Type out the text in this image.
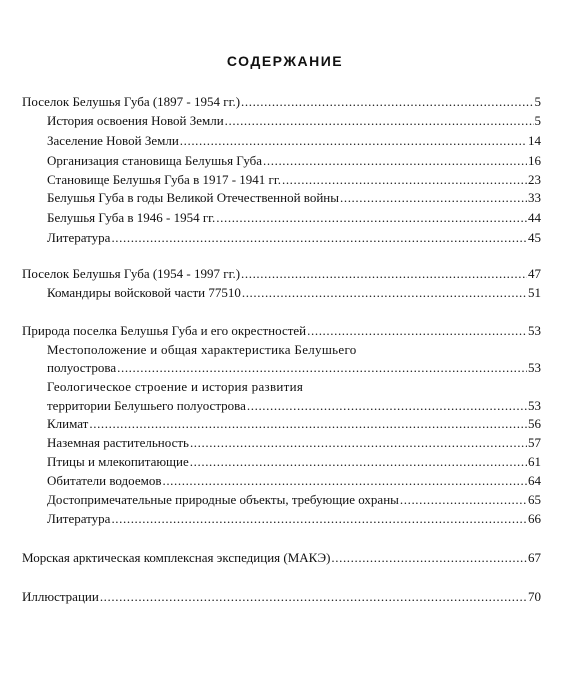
СОДЕРЖАНИЕ
Поселок Белушья Губа (1897 - 1954 гг.) .....	5
История освоения Новой Земли .....	5
Заселение Новой Земли .....	14
Организация становища Белушья Губа .....	16
Становище Белушья Губа в 1917 - 1941 гг. .....	23
Белушья Губа в годы Великой Отечественной войны .....	33
Белушья Губа в 1946 - 1954 гг. .....	44
Литература .....	45
Поселок Белушья Губа (1954 - 1997 гг.) .....	47
Командиры войсковой части 77510 .....	51
Природа поселка Белушья Губа и его окрестностей .....	53
Местоположение и общая характеристика Белушьего
полуострова .....	53
Геологическое строение и история развития
территории Белушьего полуострова .....	53
Климат .....	56
Наземная растительность .....	57
Птицы и млекопитающие .....	61
Обитатели водоемов .....	64
Достопримечательные природные объекты, требующие охраны .....	65
Литература .....	66
Морская арктическая комплексная экспедиция (МАКЭ) .....	67
Иллюстрации .....	70
